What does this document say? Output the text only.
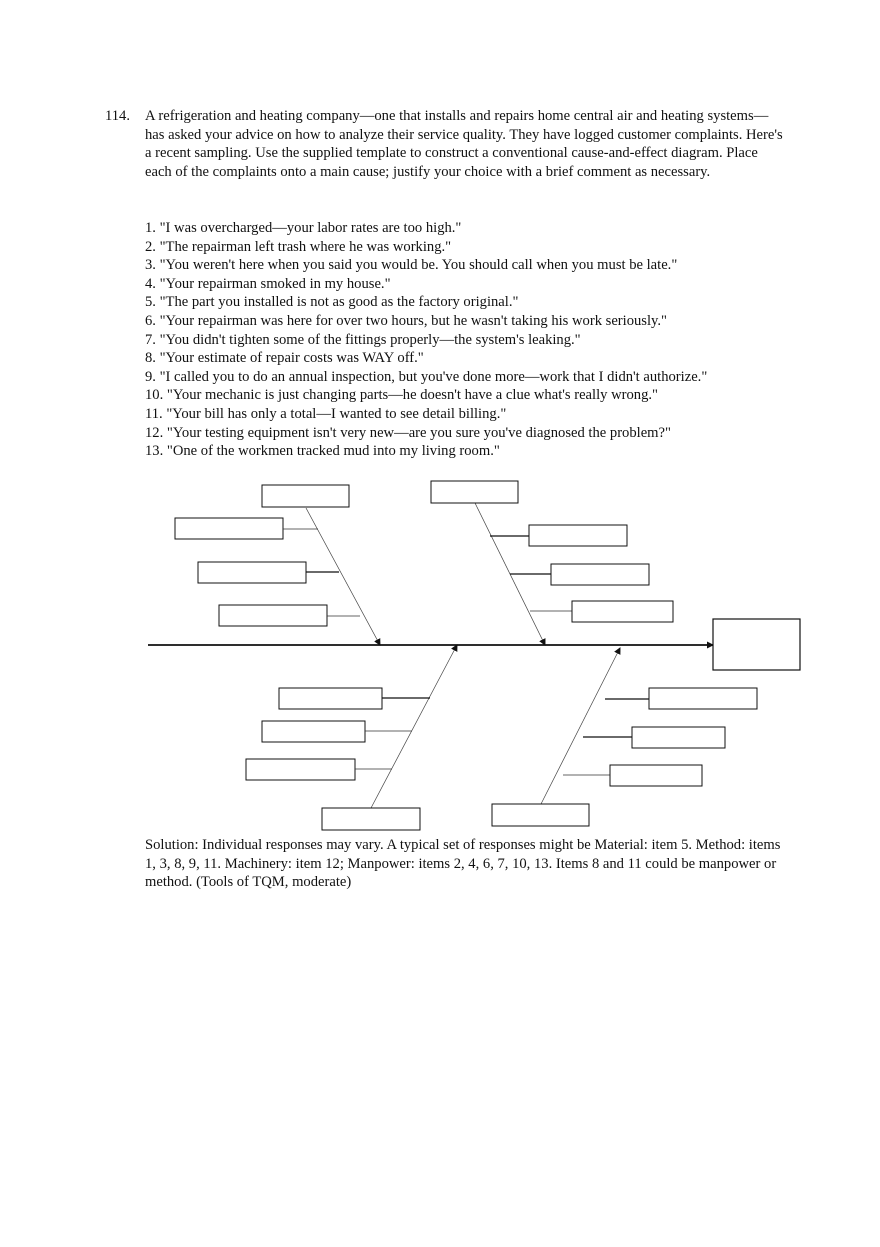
114. A refrigeration and heating company—one that installs and repairs home central air and heating systems—has asked your advice on how to analyze their service quality. They have logged customer complaints. Here's a recent sampling. Use the supplied template to construct a conventional cause-and-effect diagram. Place each of the complaints onto a main cause; justify your choice with a brief comment as necessary.

1. "I was overcharged—your labor rates are too high."
2. "The repairman left trash where he was working."
3. "You weren't here when you said you would be. You should call when you must be late."
4. "Your repairman smoked in my house."
5. "The part you installed is not as good as the factory original."
6. "Your repairman was here for over two hours, but he wasn't taking his work seriously."
7. "You didn't tighten some of the fittings properly—the system's leaking."
8. "Your estimate of repair costs was WAY off."
9. "I called you to do an annual inspection, but you've done more—work that I didn't authorize."
10. "Your mechanic is just changing parts—he doesn't have a clue what's really wrong."
11. "Your bill has only a total—I wanted to see detail billing."
12. "Your testing equipment isn't very new—are you sure you've diagnosed the problem?"
13. "One of the workmen tracked mud into my living room."

Solution: Individual responses may vary. A typical set of responses might be Material: item 5. Method: items 1, 3, 8, 9, 11. Machinery: item 12; Manpower: items 2, 4, 6, 7, 10, 13. Items 8 and 11 could be manpower or method. (Tools of TQM, moderate)
